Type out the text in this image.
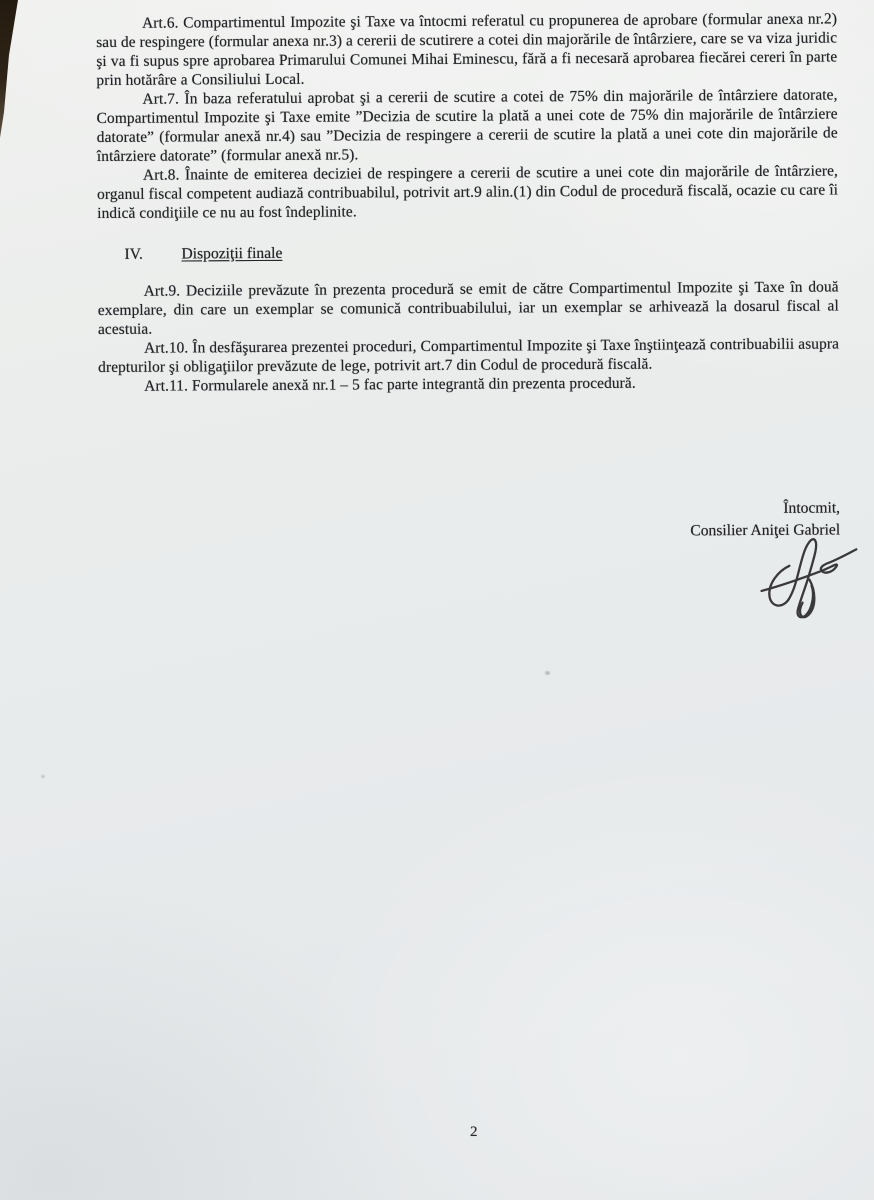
Art.6. Compartimentul Impozite şi Taxe va întocmi referatul cu propunerea de aprobare (formular anexa nr.2) sau de respingere (formular anexa nr.3) a cererii de scutirere a cotei din majorările de întârziere, care se va viza juridic şi va fi supus spre aprobarea Primarului Comunei Mihai Eminescu, fără a fi necesară aprobarea fiecărei cereri în parte prin hotărâre a Consiliului Local.

Art.7. În baza referatului aprobat şi a cererii de scutire a cotei de 75% din majorările de întârziere datorate, Compartimentul Impozite şi Taxe emite ”Decizia de scutire la plată a unei cote de 75% din majorările de întârziere datorate” (formular anexă nr.4) sau ”Decizia de respingere a cererii de scutire la plată a unei cote din majorările de întârziere datorate” (formular anexă nr.5).

Art.8. Înainte de emiterea deciziei de respingere a cererii de scutire a unei cote din majorările de întârziere, organul fiscal competent audiază contribuabilul, potrivit art.9 alin.(1) din Codul de procedură fiscală, ocazie cu care îi indică condiţiile ce nu au fost îndeplinite.

IV. Dispoziţii finale

Art.9. Deciziile prevăzute în prezenta procedură se emit de către Compartimentul Impozite şi Taxe în două exemplare, din care un exemplar se comunică contribuabilului, iar un exemplar se arhivează la dosarul fiscal al acestuia.

Art.10. În desfăşurarea prezentei proceduri, Compartimentul Impozite şi Taxe înştiinţează contribuabilii asupra drepturilor şi obligaţiilor prevăzute de lege, potrivit art.7 din Codul de procedură fiscală.

Art.11. Formularele anexă nr.1 – 5 fac parte integrantă din prezenta procedură.

Întocmit,
Consilier Aniţei Gabriel
2
